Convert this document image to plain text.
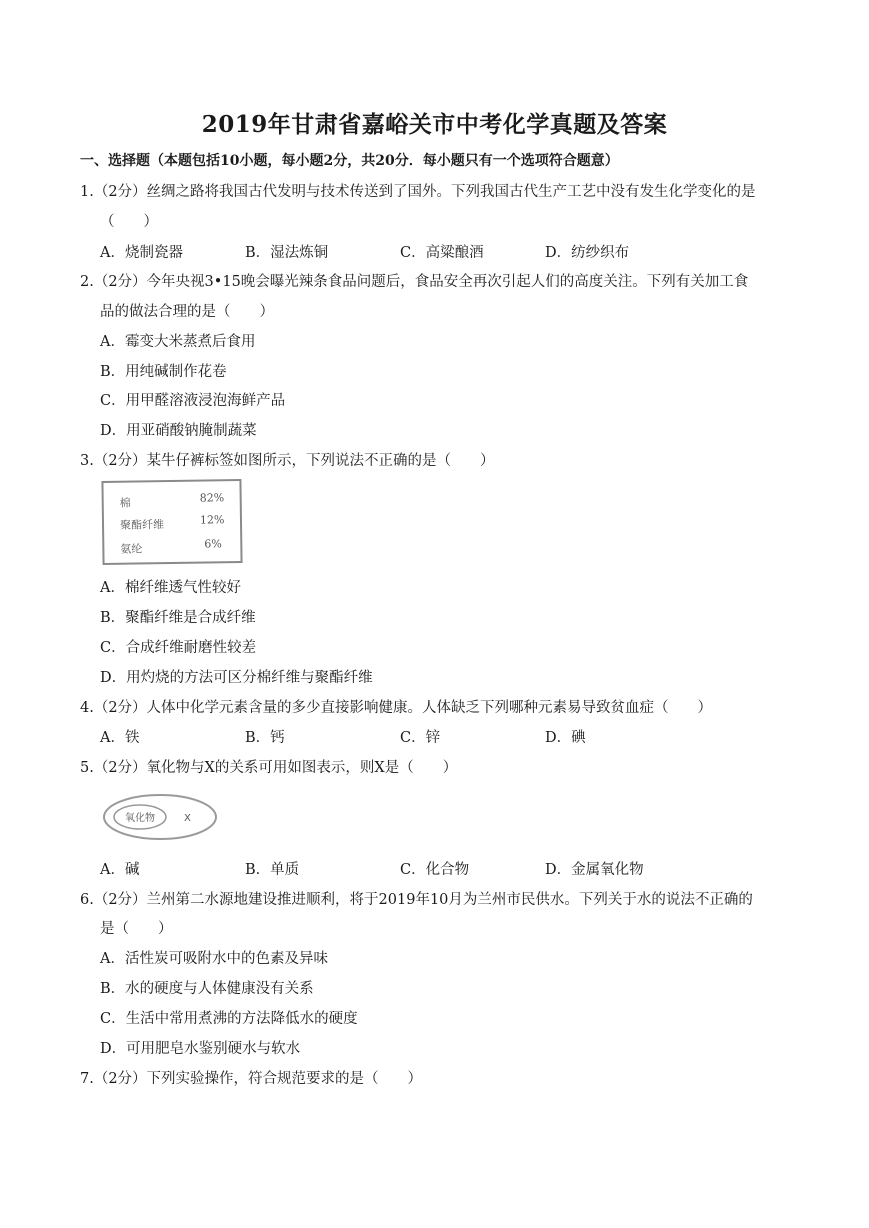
2019年甘肃省嘉峪关市中考化学真题及答案
一、选择题（本题包括10小题，每小题2分，共20分．每小题只有一个选项符合题意）
1.（2分）丝绸之路将我国古代发明与技术传送到了国外。下列我国古代生产工艺中没有发生化学变化的是
（　　）
A．烧制瓷器	B．湿法炼铜	C．高粱酿酒	D．纺纱织布
2.（2分）今年央视3•15晚会曝光辣条食品问题后，食品安全再次引起人们的高度关注。下列有关加工食
品的做法合理的是（　　）
A．霉变大米蒸煮后食用
B．用纯碱制作花卷
C．用甲醛溶液浸泡海鲜产品
D．用亚硝酸钠腌制蔬菜
3.（2分）某牛仔裤标签如图所示，下列说法不正确的是（　　）
棉	82%
聚酯纤维	12%
氨纶	6%
A．棉纤维透气性较好
B．聚酯纤维是合成纤维
C．合成纤维耐磨性较差
D．用灼烧的方法可区分棉纤维与聚酯纤维
4.（2分）人体中化学元素含量的多少直接影响健康。人体缺乏下列哪种元素易导致贫血症（　　）
A．铁	B．钙	C．锌	D．碘
5.（2分）氧化物与X的关系可用如图表示，则X是（　　）
氧化物	X
A．碱	B．单质	C．化合物	D．金属氧化物
6.（2分）兰州第二水源地建设推进顺利，将于2019年10月为兰州市民供水。下列关于水的说法不正确的
是（　　）
A．活性炭可吸附水中的色素及异味
B．水的硬度与人体健康没有关系
C．生活中常用煮沸的方法降低水的硬度
D．可用肥皂水鉴别硬水与软水
7.（2分）下列实验操作，符合规范要求的是（　　）
